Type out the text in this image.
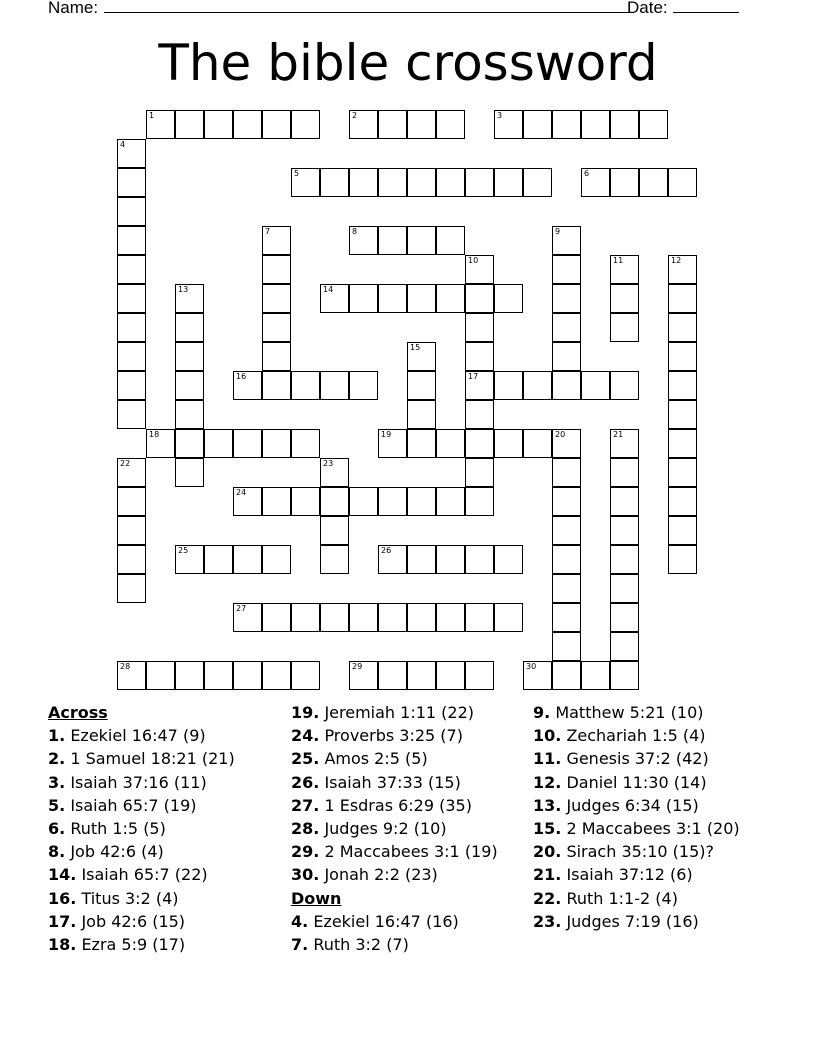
Name:	Date:
The bible crossword
1	2	3
4
5	6
7	8	9
10
17
11	12
13	14
15
16
18	19	20	21
22	23
24
25	26
27
28	29	30
Across
1. Ezekiel 16:47 (9)
2. 1 Samuel 18:21 (21)
3. Isaiah 37:16 (11)
5. Isaiah 65:7 (19)
6. Ruth 1:5 (5)
8. Job 42:6 (4)
14. Isaiah 65:7 (22)
16. Titus 3:2 (4)
17. Job 42:6 (15)
18. Ezra 5:9 (17)
19. Jeremiah 1:11 (22)
24. Proverbs 3:25 (7)
25. Amos 2:5 (5)
26. Isaiah 37:33 (15)
27. 1 Esdras 6:29 (35)
28. Judges 9:2 (10)
29. 2 Maccabees 3:1 (19)
30. Jonah 2:2 (23)
Down
4. Ezekiel 16:47 (16)
7. Ruth 3:2 (7)
9. Matthew 5:21 (10)
10. Zechariah 1:5 (4)
11. Genesis 37:2 (42)
12. Daniel 11:30 (14)
13. Judges 6:34 (15)
15. 2 Maccabees 3:1 (20)
20. Sirach 35:10 (15)?
21. Isaiah 37:12 (6)
22. Ruth 1:1-2 (4)
23. Judges 7:19 (16)
